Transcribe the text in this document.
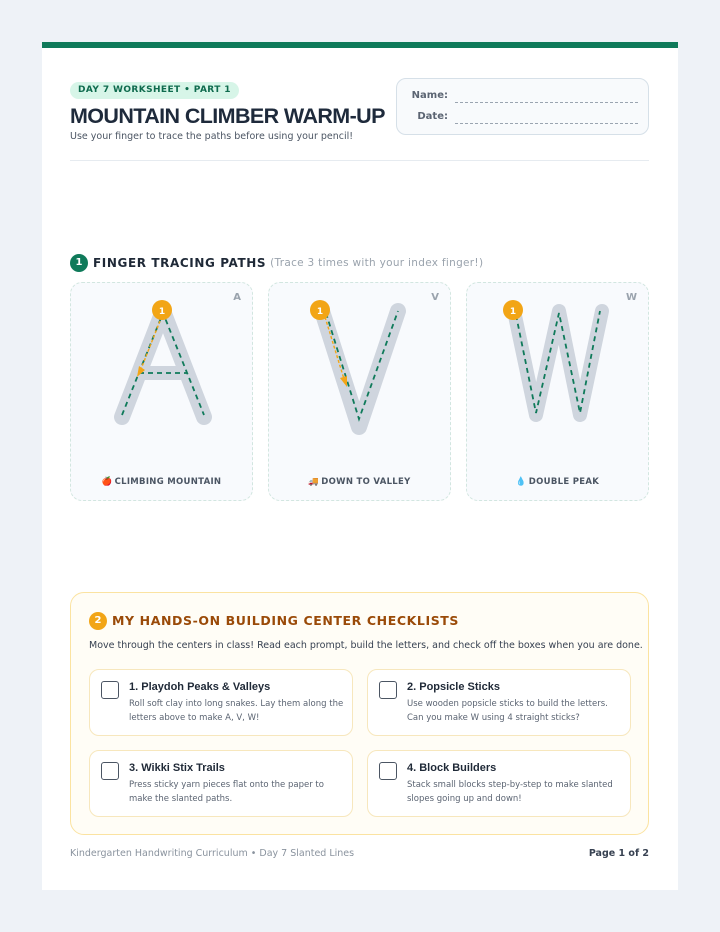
DAY 7 WORKSHEET • PART 1
MOUNTAIN CLIMBER WARM-UP
Use your finger to trace the paths before using your pencil!
Name:
Date:
1 FINGER TRACING PATHS (Trace 3 times with your index finger!)
A
1
🍎 CLIMBING MOUNTAIN
V
1
🚚 DOWN TO VALLEY
W
1
💧 DOUBLE PEAK
2 MY HANDS-ON BUILDING CENTER CHECKLISTS
Move through the centers in class! Read each prompt, build the letters, and check off the boxes when you are done.
1. Playdoh Peaks & Valleys
Roll soft clay into long snakes. Lay them along the letters above to make A, V, W!
2. Popsicle Sticks
Use wooden popsicle sticks to build the letters. Can you make W using 4 straight sticks?
3. Wikki Stix Trails
Press sticky yarn pieces flat onto the paper to make the slanted paths.
4. Block Builders
Stack small blocks step-by-step to make slanted slopes going up and down!
Kindergarten Handwriting Curriculum • Day 7 Slanted Lines	Page 1 of 2
